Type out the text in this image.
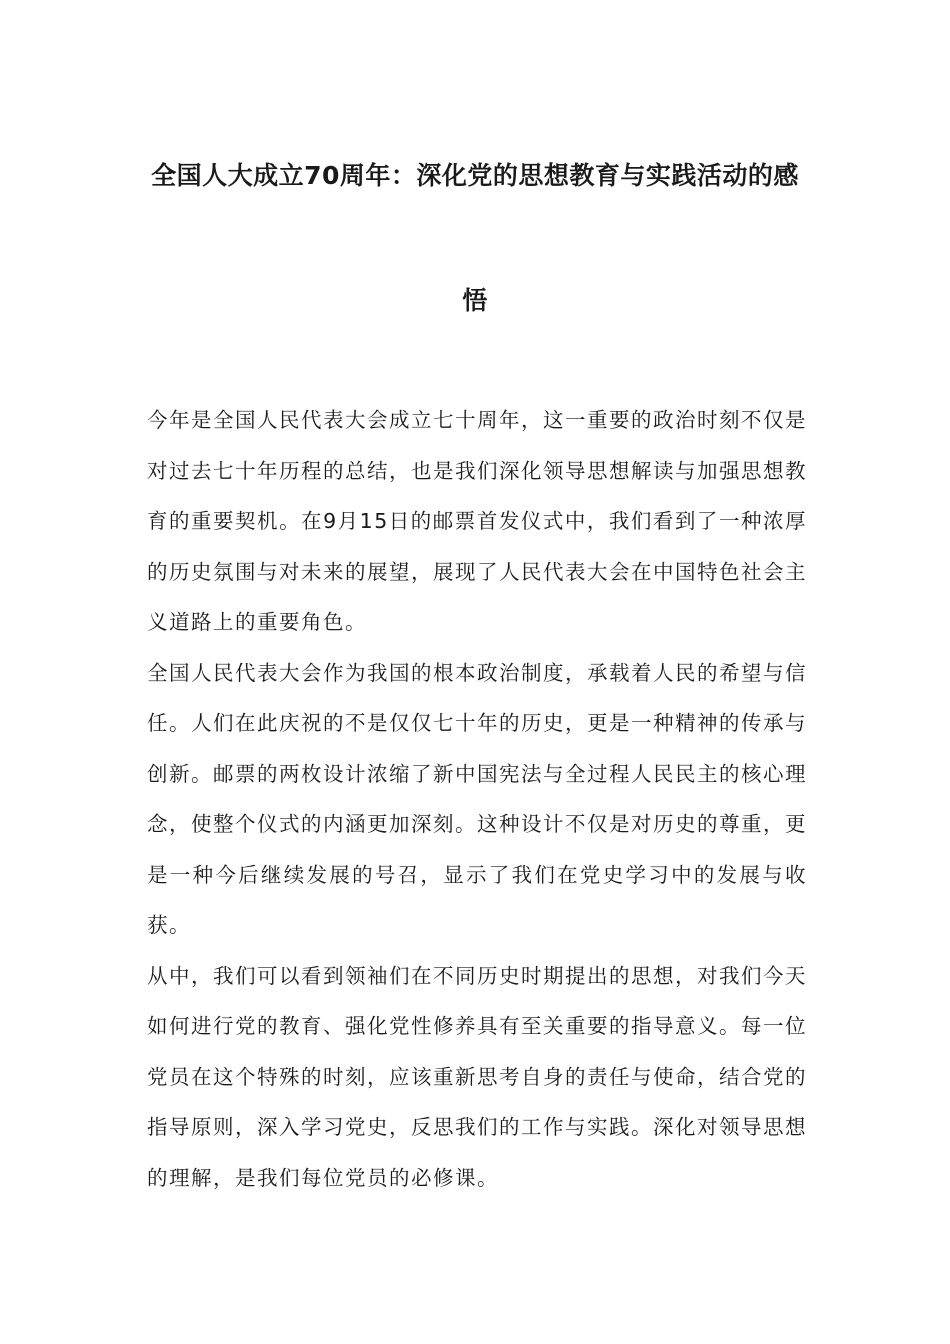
全国人大成立70周年：深化党的思想教育与实践活动的感
悟

今年是全国人民代表大会成立七十周年，这一重要的政治时刻不仅是对过去七十年历程的总结，也是我们深化领导思想解读与加强思想教育的重要契机。在9月15日的邮票首发仪式中，我们看到了一种浓厚的历史氛围与对未来的展望，展现了人民代表大会在中国特色社会主义道路上的重要角色。

全国人民代表大会作为我国的根本政治制度，承载着人民的希望与信任。人们在此庆祝的不是仅仅七十年的历史，更是一种精神的传承与创新。邮票的两枚设计浓缩了新中国宪法与全过程人民民主的核心理念，使整个仪式的内涵更加深刻。这种设计不仅是对历史的尊重，更是一种今后继续发展的号召，显示了我们在党史学习中的发展与收获。

从中，我们可以看到领袖们在不同历史时期提出的思想，对我们今天如何进行党的教育、强化党性修养具有至关重要的指导意义。每一位党员在这个特殊的时刻，应该重新思考自身的责任与使命，结合党的指导原则，深入学习党史，反思我们的工作与实践。深化对领导思想的理解，是我们每位党员的必修课。
